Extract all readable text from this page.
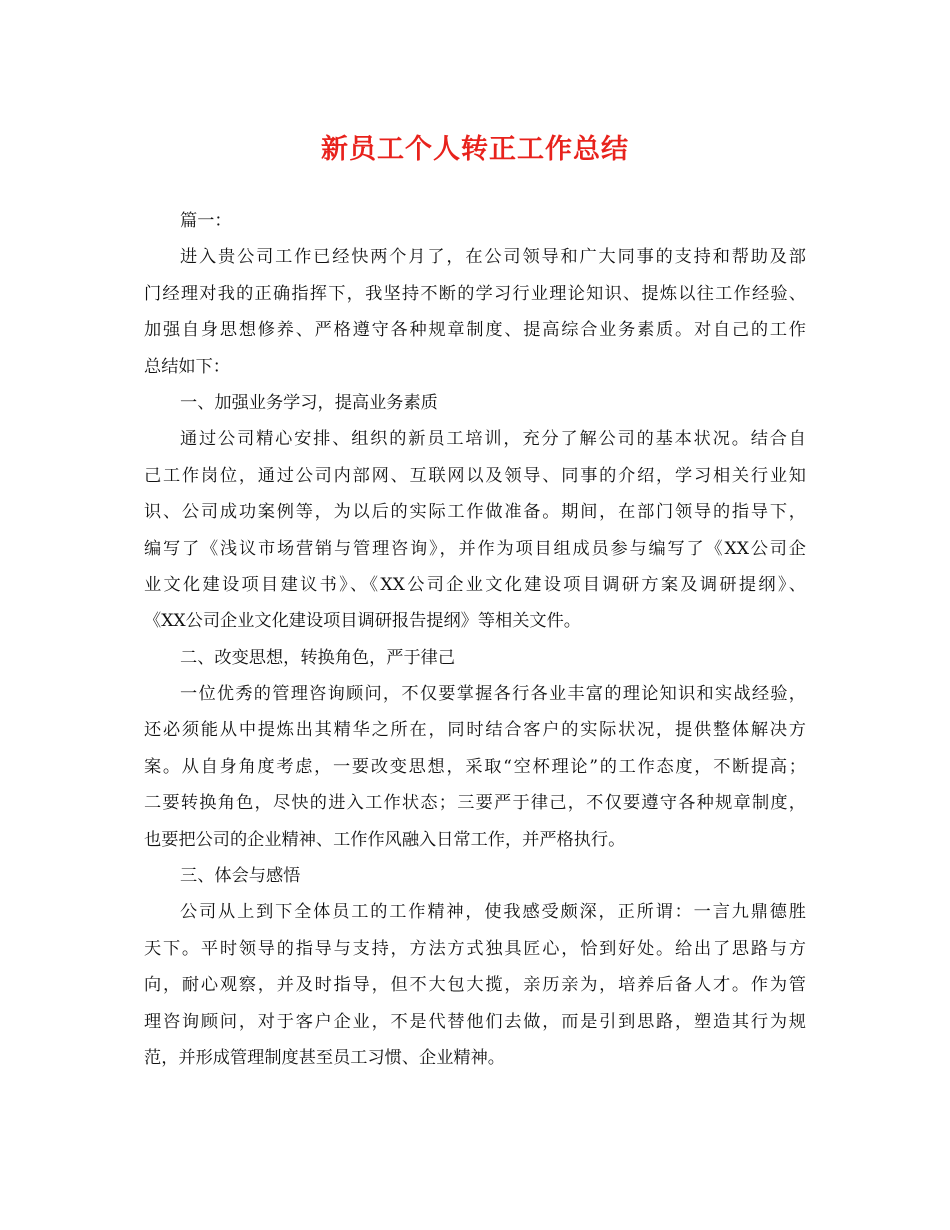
新员工个人转正工作总结
篇一：
进入贵公司工作已经快两个月了，在公司领导和广大同事的支持和帮助及部
门经理对我的正确指挥下，我坚持不断的学习行业理论知识、提炼以往工作经验、
加强自身思想修养、严格遵守各种规章制度、提高综合业务素质。对自己的工作
总结如下：
一、加强业务学习，提高业务素质
通过公司精心安排、组织的新员工培训，充分了解公司的基本状况。结合自
己工作岗位，通过公司内部网、互联网以及领导、同事的介绍，学习相关行业知
识、公司成功案例等，为以后的实际工作做准备。期间，在部门领导的指导下，
编写了《浅议市场营销与管理咨询》，并作为项目组成员参与编写了《XX公司企
业文化建设项目建议书》、《XX公司企业文化建设项目调研方案及调研提纲》、
《XX公司企业文化建设项目调研报告提纲》等相关文件。
二、改变思想，转换角色，严于律己
一位优秀的管理咨询顾问，不仅要掌握各行各业丰富的理论知识和实战经验，
还必须能从中提炼出其精华之所在，同时结合客户的实际状况，提供整体解决方
案。从自身角度考虑，一要改变思想，采取“空杯理论”的工作态度，不断提高；
二要转换角色，尽快的进入工作状态；三要严于律己，不仅要遵守各种规章制度，
也要把公司的企业精神、工作作风融入日常工作，并严格执行。
三、体会与感悟
公司从上到下全体员工的工作精神，使我感受颇深，正所谓：一言九鼎德胜
天下。平时领导的指导与支持，方法方式独具匠心，恰到好处。给出了思路与方
向，耐心观察，并及时指导，但不大包大揽，亲历亲为，培养后备人才。作为管
理咨询顾问，对于客户企业，不是代替他们去做，而是引到思路，塑造其行为规
范，并形成管理制度甚至员工习惯、企业精神。
